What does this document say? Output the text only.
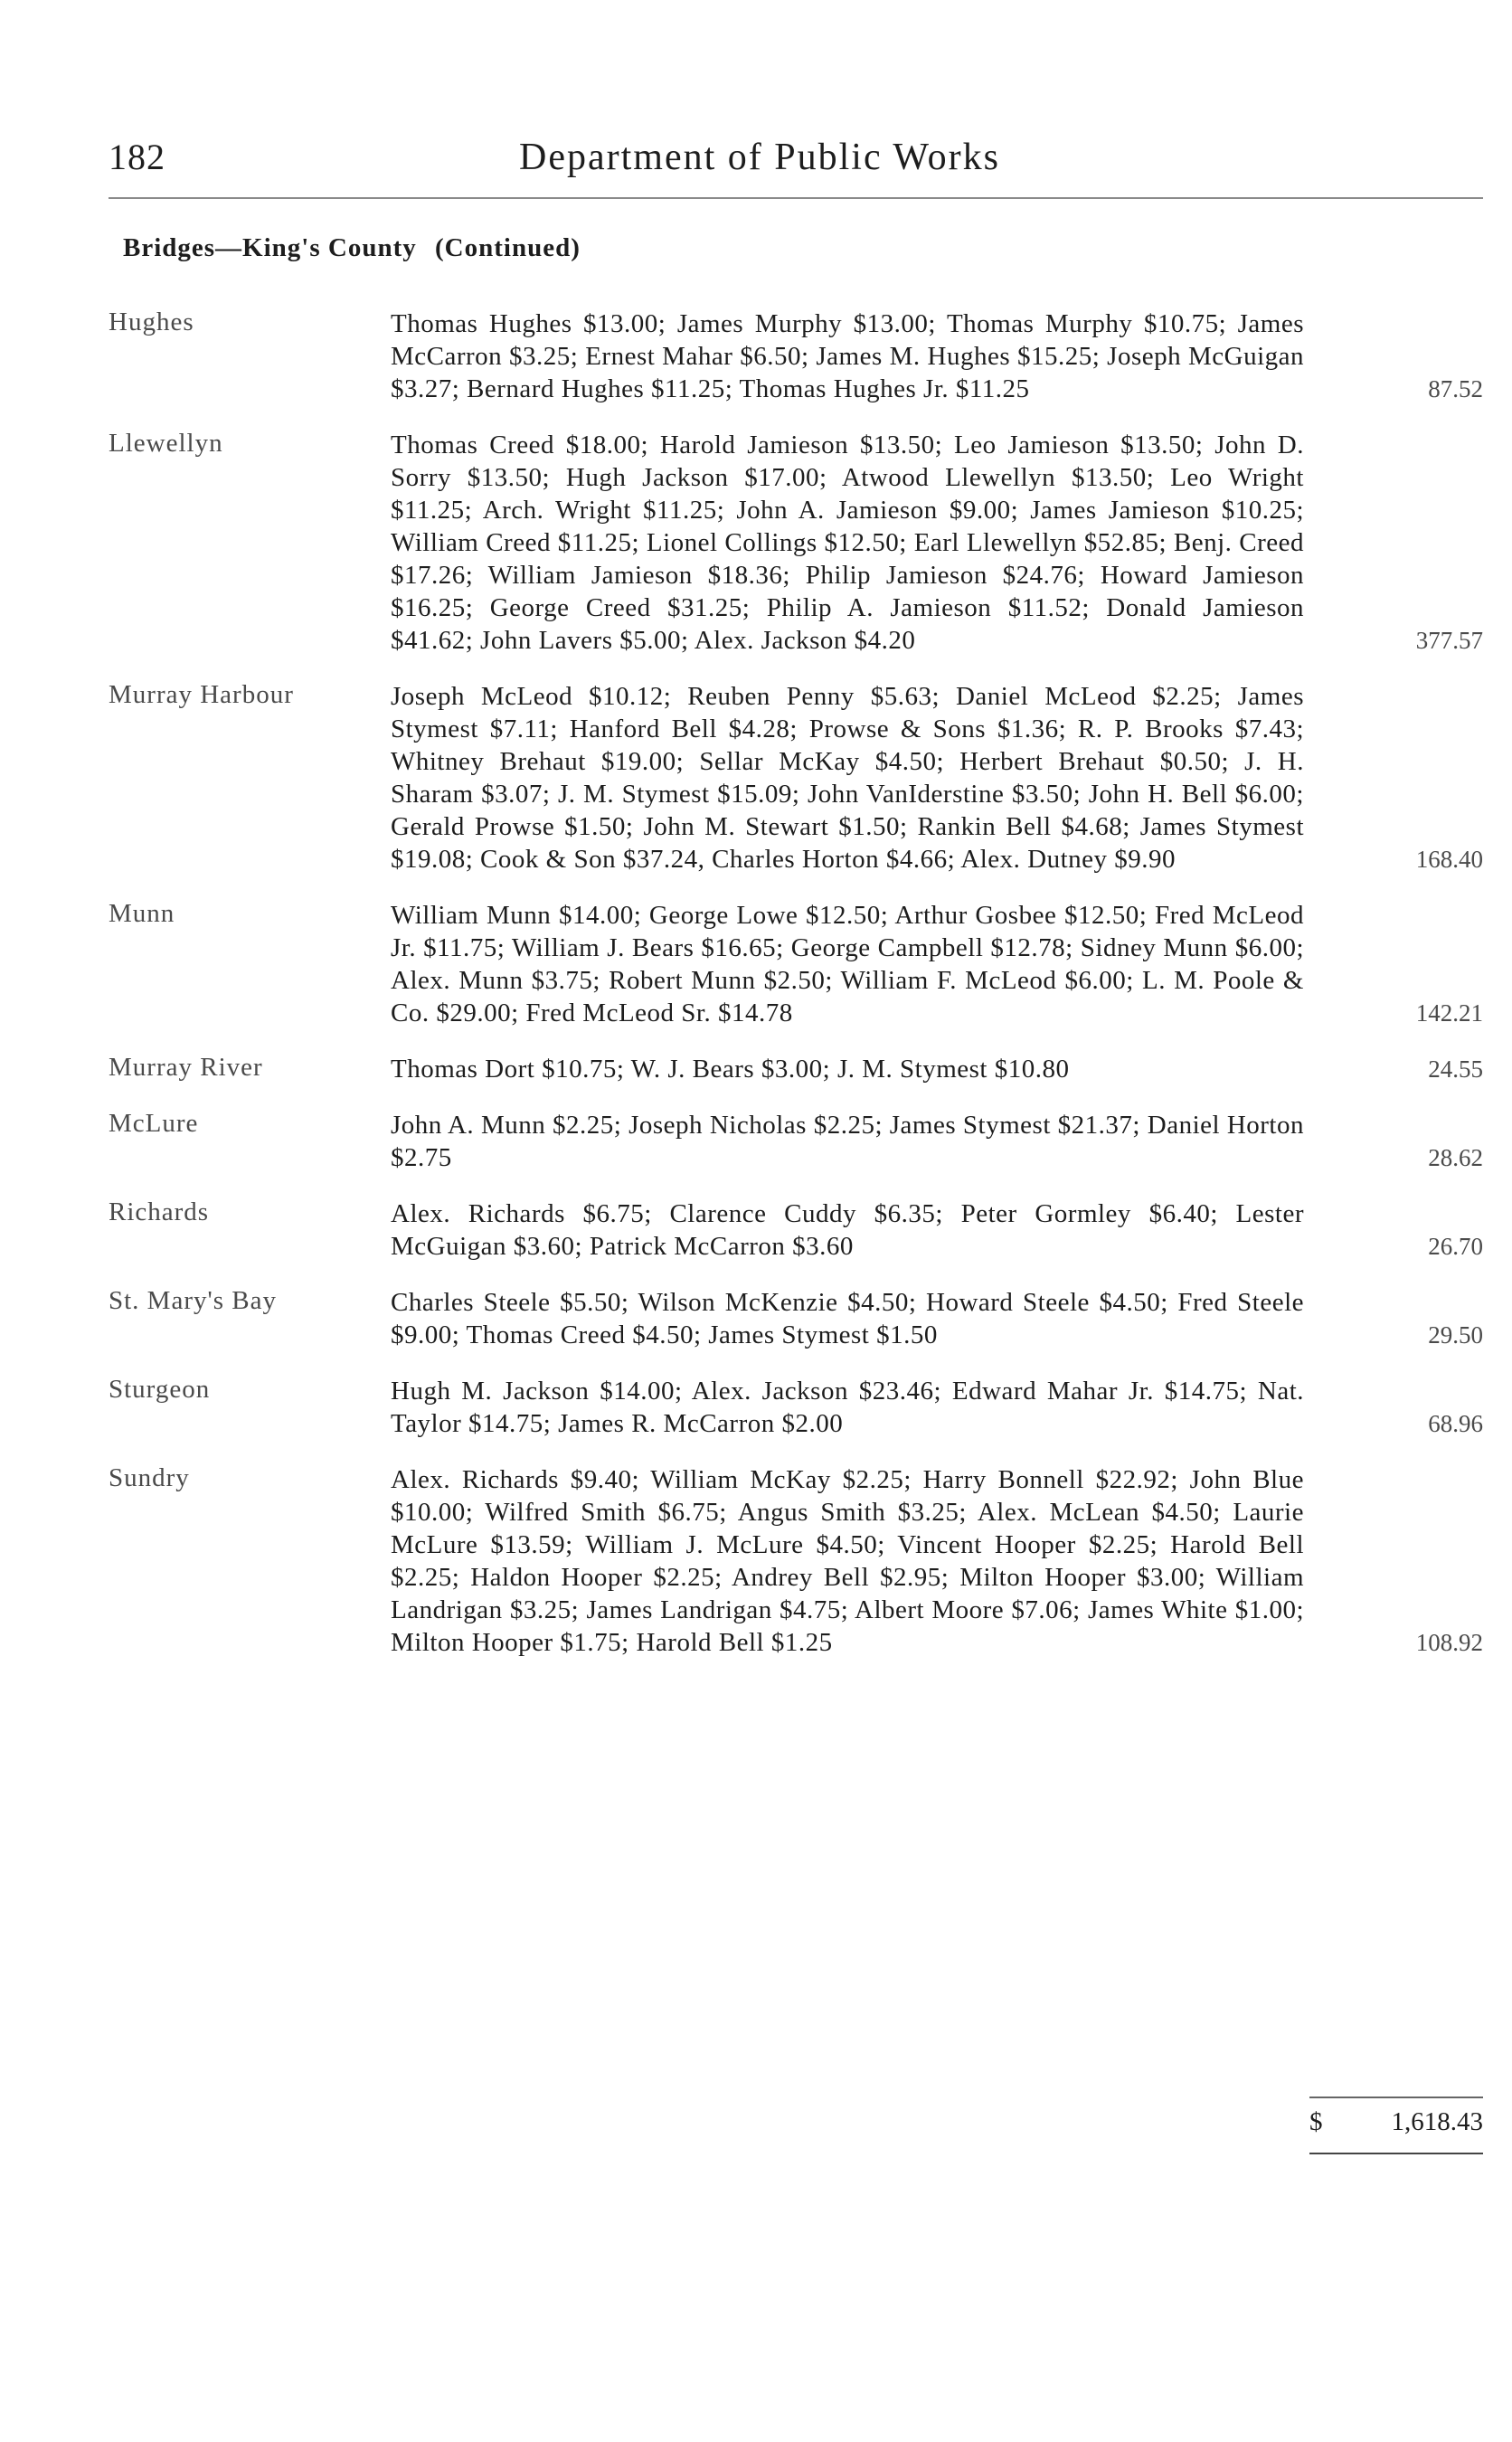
182	Department of Public Works
Bridges—King's County (Continued)
Hughes	Thomas Hughes $13.00; James Murphy $13.00; Thomas Murphy $10.75; James McCarron $3.25; Ernest Mahar $6.50; James M. Hughes $15.25; Joseph McGuigan $3.27; Bernard Hughes $11.25; Thomas Hughes Jr. $11.25	87.52
Llewellyn	Thomas Creed $18.00; Harold Jamieson $13.50; Leo Jamieson $13.50; John D. Sorry $13.50; Hugh Jackson $17.00; Atwood Llewellyn $13.50; Leo Wright $11.25; Arch. Wright $11.25; John A. Jamieson $9.00; James Jamieson $10.25; William Creed $11.25; Lionel Collings $12.50; Earl Llewellyn $52.85; Benj. Creed $17.26; William Jamieson $18.36; Philip Jamieson $24.76; Howard Jamieson $16.25; George Creed $31.25; Philip A. Jamieson $11.52; Donald Jamieson $41.62; John Lavers $5.00; Alex. Jackson $4.20	377.57
Murray Harbour	Joseph McLeod $10.12; Reuben Penny $5.63; Daniel McLeod $2.25; James Stymest $7.11; Hanford Bell $4.28; Prowse & Sons $1.36; R. P. Brooks $7.43; Whitney Brehaut $19.00; Sellar McKay $4.50; Herbert Brehaut $0.50; J. H. Sharam $3.07; J. M. Stymest $15.09; John VanIderstine $3.50; John H. Bell $6.00; Gerald Prowse $1.50; John M. Stewart $1.50; Rankin Bell $4.68; James Stymest $19.08; Cook & Son $37.24, Charles Horton $4.66; Alex. Dutney $9.90	168.40
Munn	William Munn $14.00; George Lowe $12.50; Arthur Gosbee $12.50; Fred McLeod Jr. $11.75; William J. Bears $16.65; George Campbell $12.78; Sidney Munn $6.00; Alex. Munn $3.75; Robert Munn $2.50; William F. McLeod $6.00; L. M. Poole & Co. $29.00; Fred McLeod Sr. $14.78	142.21
Murray River	Thomas Dort $10.75; W. J. Bears $3.00; J. M. Stymest $10.80	24.55
McLure	John A. Munn $2.25; Joseph Nicholas $2.25; James Stymest $21.37; Daniel Horton $2.75	28.62
Richards	Alex. Richards $6.75; Clarence Cuddy $6.35; Peter Gormley $6.40; Lester McGuigan $3.60; Patrick McCarron $3.60	26.70
St. Mary's Bay	Charles Steele $5.50; Wilson McKenzie $4.50; Howard Steele $4.50; Fred Steele $9.00; Thomas Creed $4.50; James Stymest $1.50	29.50
Sturgeon	Hugh M. Jackson $14.00; Alex. Jackson $23.46; Edward Mahar Jr. $14.75; Nat. Taylor $14.75; James R. McCarron $2.00	68.96
Sundry	Alex. Richards $9.40; William McKay $2.25; Harry Bonnell $22.92; John Blue $10.00; Wilfred Smith $6.75; Angus Smith $3.25; Alex. McLean $4.50; Laurie McLure $13.59; William J. McLure $4.50; Vincent Hooper $2.25; Harold Bell $2.25; Haldon Hooper $2.25; Andrey Bell $2.95; Milton Hooper $3.00; William Landrigan $3.25; James Landrigan $4.75; Albert Moore $7.06; James White $1.00; Milton Hooper $1.75; Harold Bell $1.25	108.92
$	1,618.43
